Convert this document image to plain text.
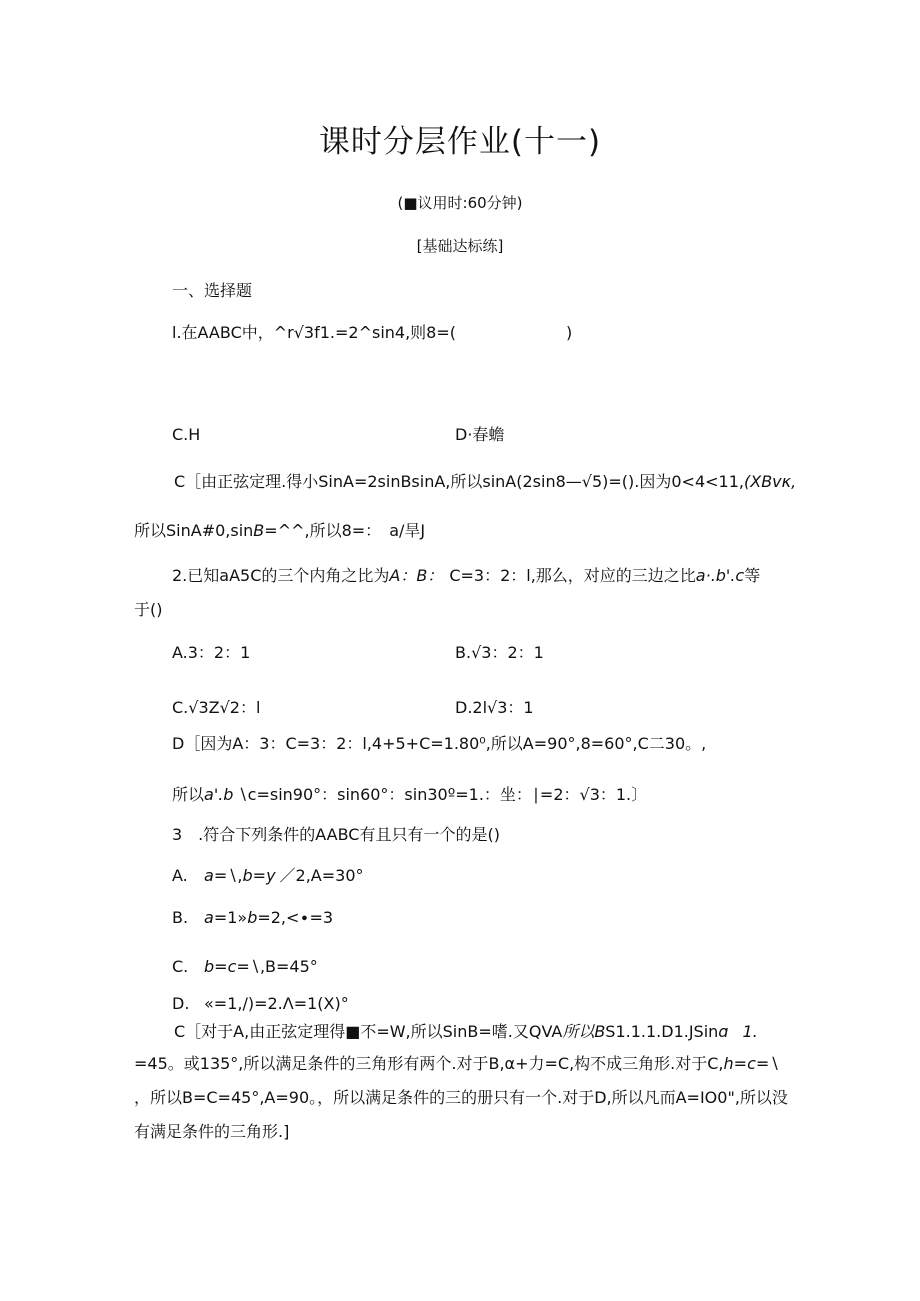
课时分层作业(十一)
(■议用时:60分钟)
[基础达标练]
一、选择题
l.在AABC中，^r√3f1.=2^sin4,则8=(	)
C.H	D·春蟾
C［由正弦定理.得小SinA=2sinBsinA,所以sinA(2sin8—√5)=().因为0<4<11,(XBvκ,
所以SinA#0,sinB=^^,所以8=： a/旱J
2.已知aA5C的三个内角之比为A：B： C=3：2：l,那么，对应的三边之比a·.b'.c等
于()
A.3：2：1	B.√3：2：1
C.√3Z√2：l	D.2l√3：1
D［因为A：3：C=3：2：l,4+5+C=1.80⁰,所以A=90°,8=60°,C二30。,
所以a'.b ∖c=sin90°：sin60°：sin30º=1.：坐：∣=2：√3：1.〕
3　.符合下列条件的AABC有且只有一个的是()
A. a=∖,b=y ／2,A=30°
B. a=1»b=2,<∙=3
C. b=c=∖,B=45°
D. «=1,/)=2.Λ=1(X)°
C［对于A,由正弦定理得■不=W,所以SinB=嗜.又QVA所以BS1.1.1.D1.JSinɑ 1.
=45。或135°,所以满足条件的三角形有两个.对于B,α+力=C,构不成三角形.对于C,h=c=∖
，所以B=C=45°,A=90。，所以满足条件的三的册只有一个.对于D,所以凡而A=IO0",所以没
有满足条件的三角形.]
